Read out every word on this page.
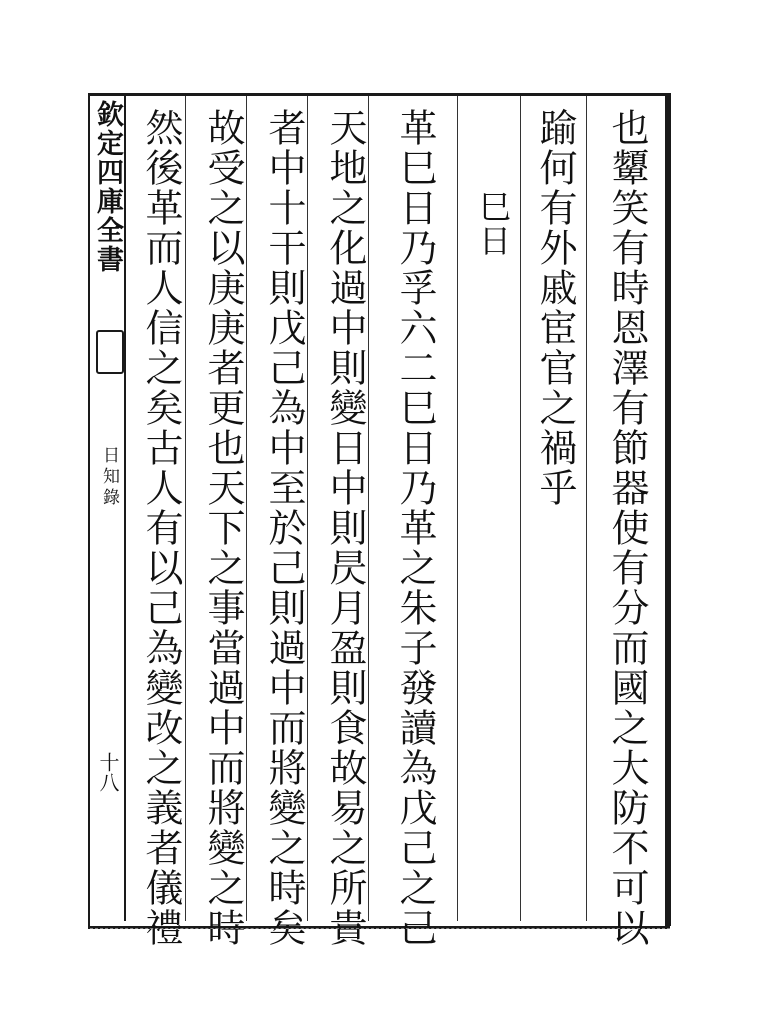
欽定四庫全書
日知錄
十八	也顰笑有時恩澤有節器使有分而國之大防不可以
踰何有外戚宦官之禍乎
巳日
革巳日乃孚六二巳日乃革之朱子發讀為戊己之己
天地之化過中則變日中則昃月盈則食故易之所貴
者中十干則戊己為中至於己則過中而將變之時矣
故受之以庚庚者更也天下之事當過中而將變之時
然後革而人信之矣古人有以己為變改之義者儀禮
